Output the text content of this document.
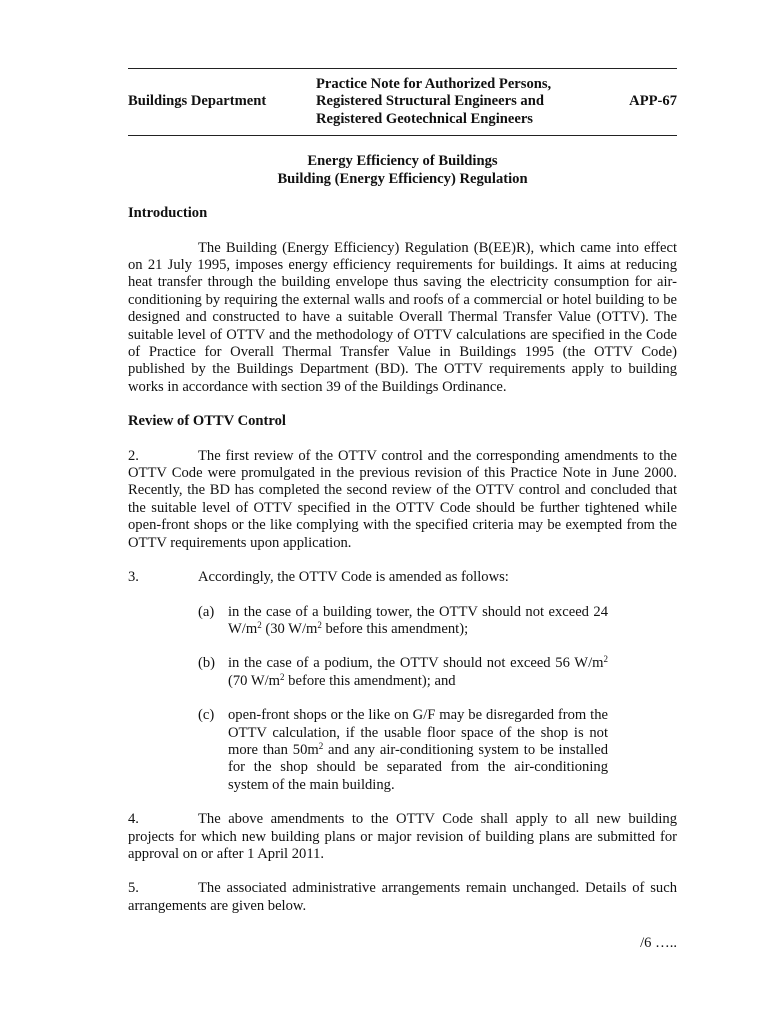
Buildings Department
Practice Note for Authorized Persons,
Registered Structural Engineers and
Registered Geotechnical Engineers
APP-67
Energy Efficiency of Buildings
Building (Energy Efficiency) Regulation
Introduction

The Building (Energy Efficiency) Regulation (B(EE)R), which came into effect on 21 July 1995, imposes energy efficiency requirements for buildings. It aims at reducing heat transfer through the building envelope thus saving the electricity consumption for air-conditioning by requiring the external walls and roofs of a commercial or hotel building to be designed and constructed to have a suitable Overall Thermal Transfer Value (OTTV). The suitable level of OTTV and the methodology of OTTV calculations are specified in the Code of Practice for Overall Thermal Transfer Value in Buildings 1995 (the OTTV Code) published by the Buildings Department (BD). The OTTV requirements apply to building works in accordance with section 39 of the Buildings Ordinance.

Review of OTTV Control

2.	The first review of the OTTV control and the corresponding amendments to the OTTV Code were promulgated in the previous revision of this Practice Note in June 2000. Recently, the BD has completed the second review of the OTTV control and concluded that the suitable level of OTTV specified in the OTTV Code should be further tightened while open-front shops or the like complying with the specified criteria may be exempted from the OTTV requirements upon application.

3.	Accordingly, the OTTV Code is amended as follows:

(a) in the case of a building tower, the OTTV should not exceed 24 $W/m^2$ (30 $W/m^2$ before this amendment);
(b) in the case of a podium, the OTTV should not exceed 56 $W/m^2$ (70 $W/m^2$ before this amendment); and
(c) open-front shops or the like on G/F may be disregarded from the OTTV calculation, if the usable floor space of the shop is not more than $50m^2$ and any air-conditioning system to be installed for the shop should be separated from the air-conditioning system of the main building.

4.	The above amendments to the OTTV Code shall apply to all new building projects for which new building plans or major revision of building plans are submitted for approval on or after 1 April 2011.

5.	The associated administrative arrangements remain unchanged. Details of such arrangements are given below.

/6 …..
